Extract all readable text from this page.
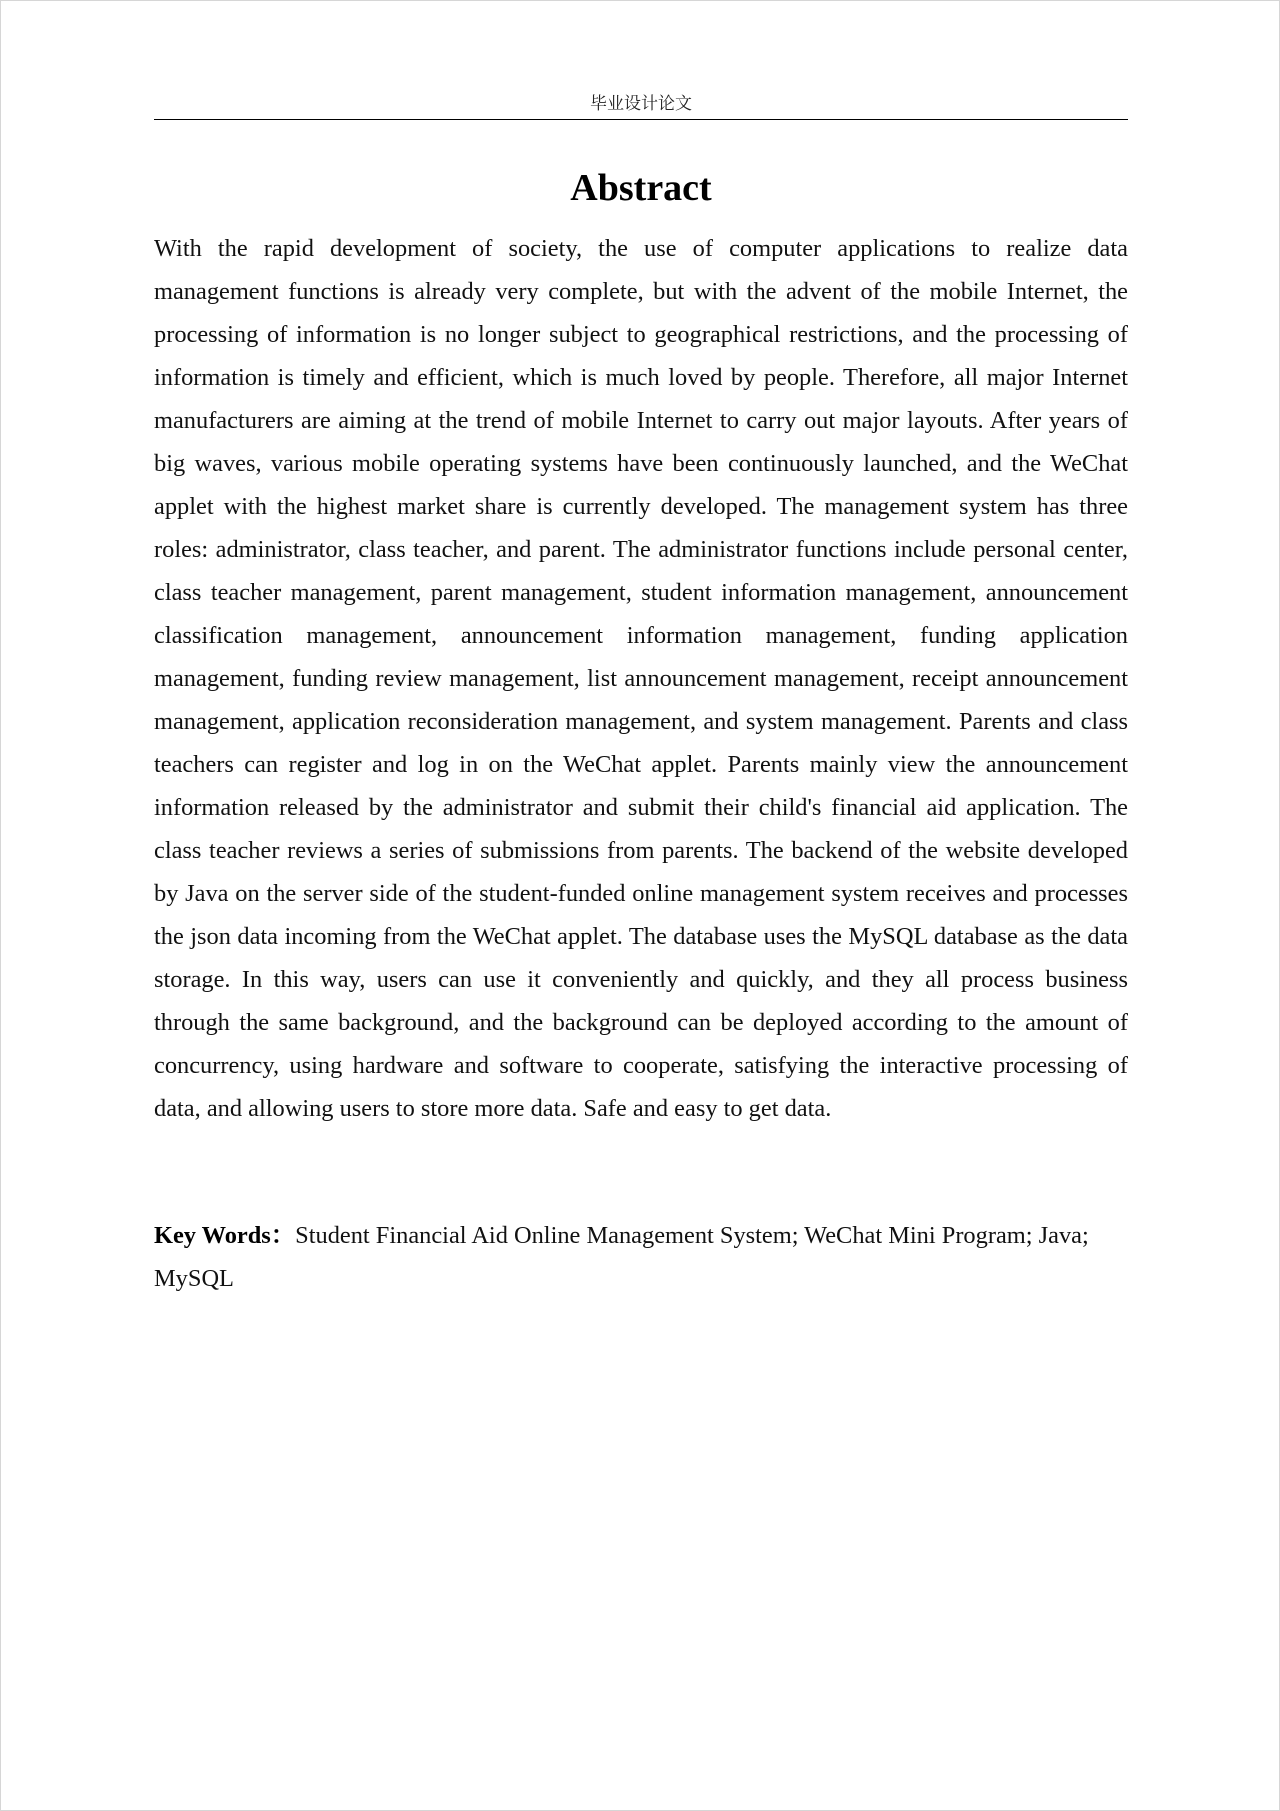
毕业设计论文
Abstract

With the rapid development of society, the use of computer applications to realize data management functions is already very complete, but with the advent of the mobile Internet, the processing of information is no longer subject to geographical restrictions, and the processing of information is timely and efficient, which is much loved by people. Therefore, all major Internet manufacturers are aiming at the trend of mobile Internet to carry out major layouts. After years of big waves, various mobile operating systems have been continuously launched, and the WeChat applet with the highest market share is currently developed. The management system has three roles: administrator, class teacher, and parent. The administrator functions include personal center, class teacher management, parent management, student information management, announcement classification management, announcement information management, funding application management, funding review management, list announcement management, receipt announcement management, application reconsideration management, and system management. Parents and class teachers can register and log in on the WeChat applet. Parents mainly view the announcement information released by the administrator and submit their child's financial aid application. The class teacher reviews a series of submissions from parents. The backend of the website developed by Java on the server side of the student-funded online management system receives and processes the json data incoming from the WeChat applet. The database uses the MySQL database as the data storage. In this way, users can use it conveniently and quickly, and they all process business through the same background, and the background can be deployed according to the amount of concurrency, using hardware and software to cooperate, satisfying the interactive processing of data, and allowing users to store more data. Safe and easy to get data.

Key Words：Student Financial Aid Online Management System; WeChat Mini Program; Java; MySQL
